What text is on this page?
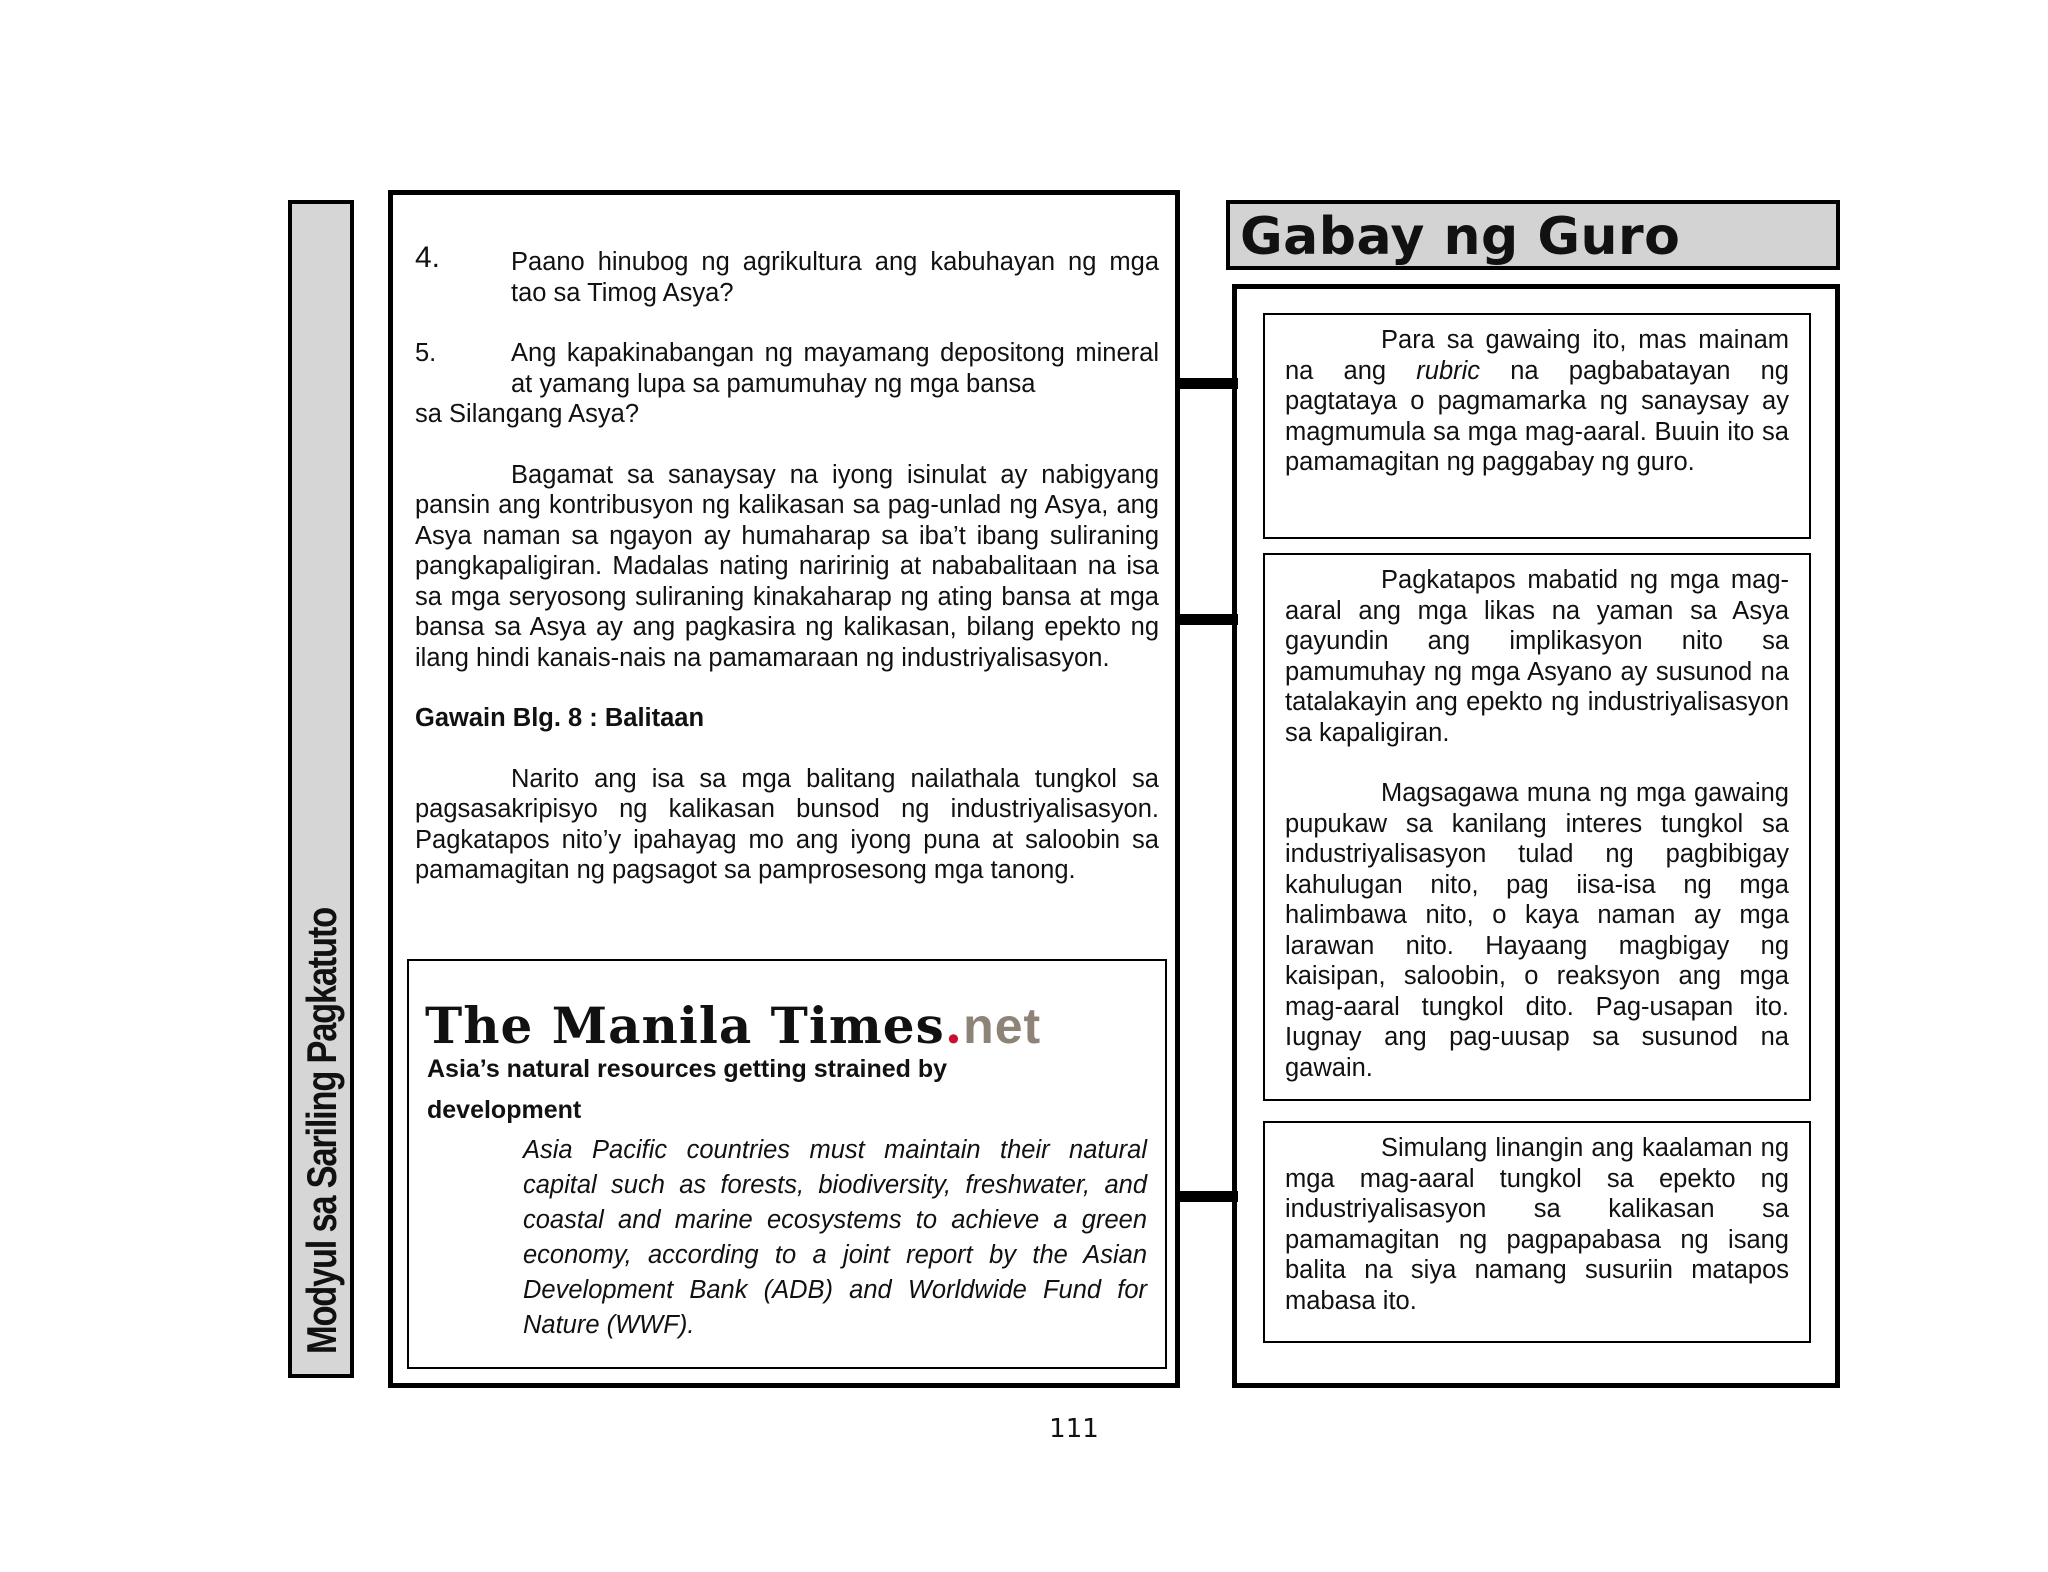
Modyul sa Sariling Pagkatuto
4.	Paano hinubog ng agrikultura ang kabuhayan ng mga tao sa Timog Asya?

5.	Ang kapakinabangan ng mayamang depositong mineral at yamang lupa sa pamumuhay ng mga bansa

sa Silangang Asya?

Bagamat sa sanaysay na iyong isinulat ay nabigyang pansin ang kontribusyon ng kalikasan sa pag-unlad ng Asya, ang Asya naman sa ngayon ay humaharap sa iba’t ibang suliraning pangkapaligiran. Madalas nating naririnig at nababalitaan na isa sa mga seryosong suliraning kinakaharap ng ating bansa at mga bansa sa Asya ay ang pagkasira ng kalikasan, bilang epekto ng ilang hindi kanais-nais na pamamaraan ng industriyalisasyon.

Gawain Blg. 8 : Balitaan

Narito ang isa sa mga balitang nailathala tungkol sa pagsasakripisyo ng kalikasan bunsod ng industriyalisasyon. Pagkatapos nito’y ipahayag mo ang iyong puna at saloobin sa pamamagitan ng pagsagot sa pamprosesong mga tanong.

The Manila Times.net
Asia’s natural resources getting strained by development
Asia Pacific countries must maintain their natural capital such as forests, biodiversity, freshwater, and coastal and marine ecosystems to achieve a green economy, according to a joint report by the Asian Development Bank (ADB) and Worldwide Fund for Nature (WWF).
Gabay ng Guro

Para sa gawaing ito, mas mainam na ang rubric na pagbabatayan ng pagtataya o pagmamarka ng sanaysay ay magmumula sa mga mag-aaral. Buuin ito sa pamamagitan ng paggabay ng guro.

Pagkatapos mabatid ng mga mag-aaral ang mga likas na yaman sa Asya gayundin ang implikasyon nito sa pamumuhay ng mga Asyano ay susunod na tatalakayin ang epekto ng industriyalisasyon sa kapaligiran.

Magsagawa muna ng mga gawaing pupukaw sa kanilang interes tungkol sa industriyalisasyon tulad ng pagbibigay kahulugan nito, pag iisa-isa ng mga halimbawa nito, o kaya naman ay mga larawan nito. Hayaang magbigay ng kaisipan, saloobin, o reaksyon ang mga mag-aaral tungkol dito. Pag-usapan ito. Iugnay ang pag-uusap sa susunod na gawain.

Simulang linangin ang kaalaman ng mga mag-aaral tungkol sa epekto ng industriyalisasyon sa kalikasan sa pamamagitan ng pagpapabasa ng isang balita na siya namang susuriin matapos mabasa ito.

111
